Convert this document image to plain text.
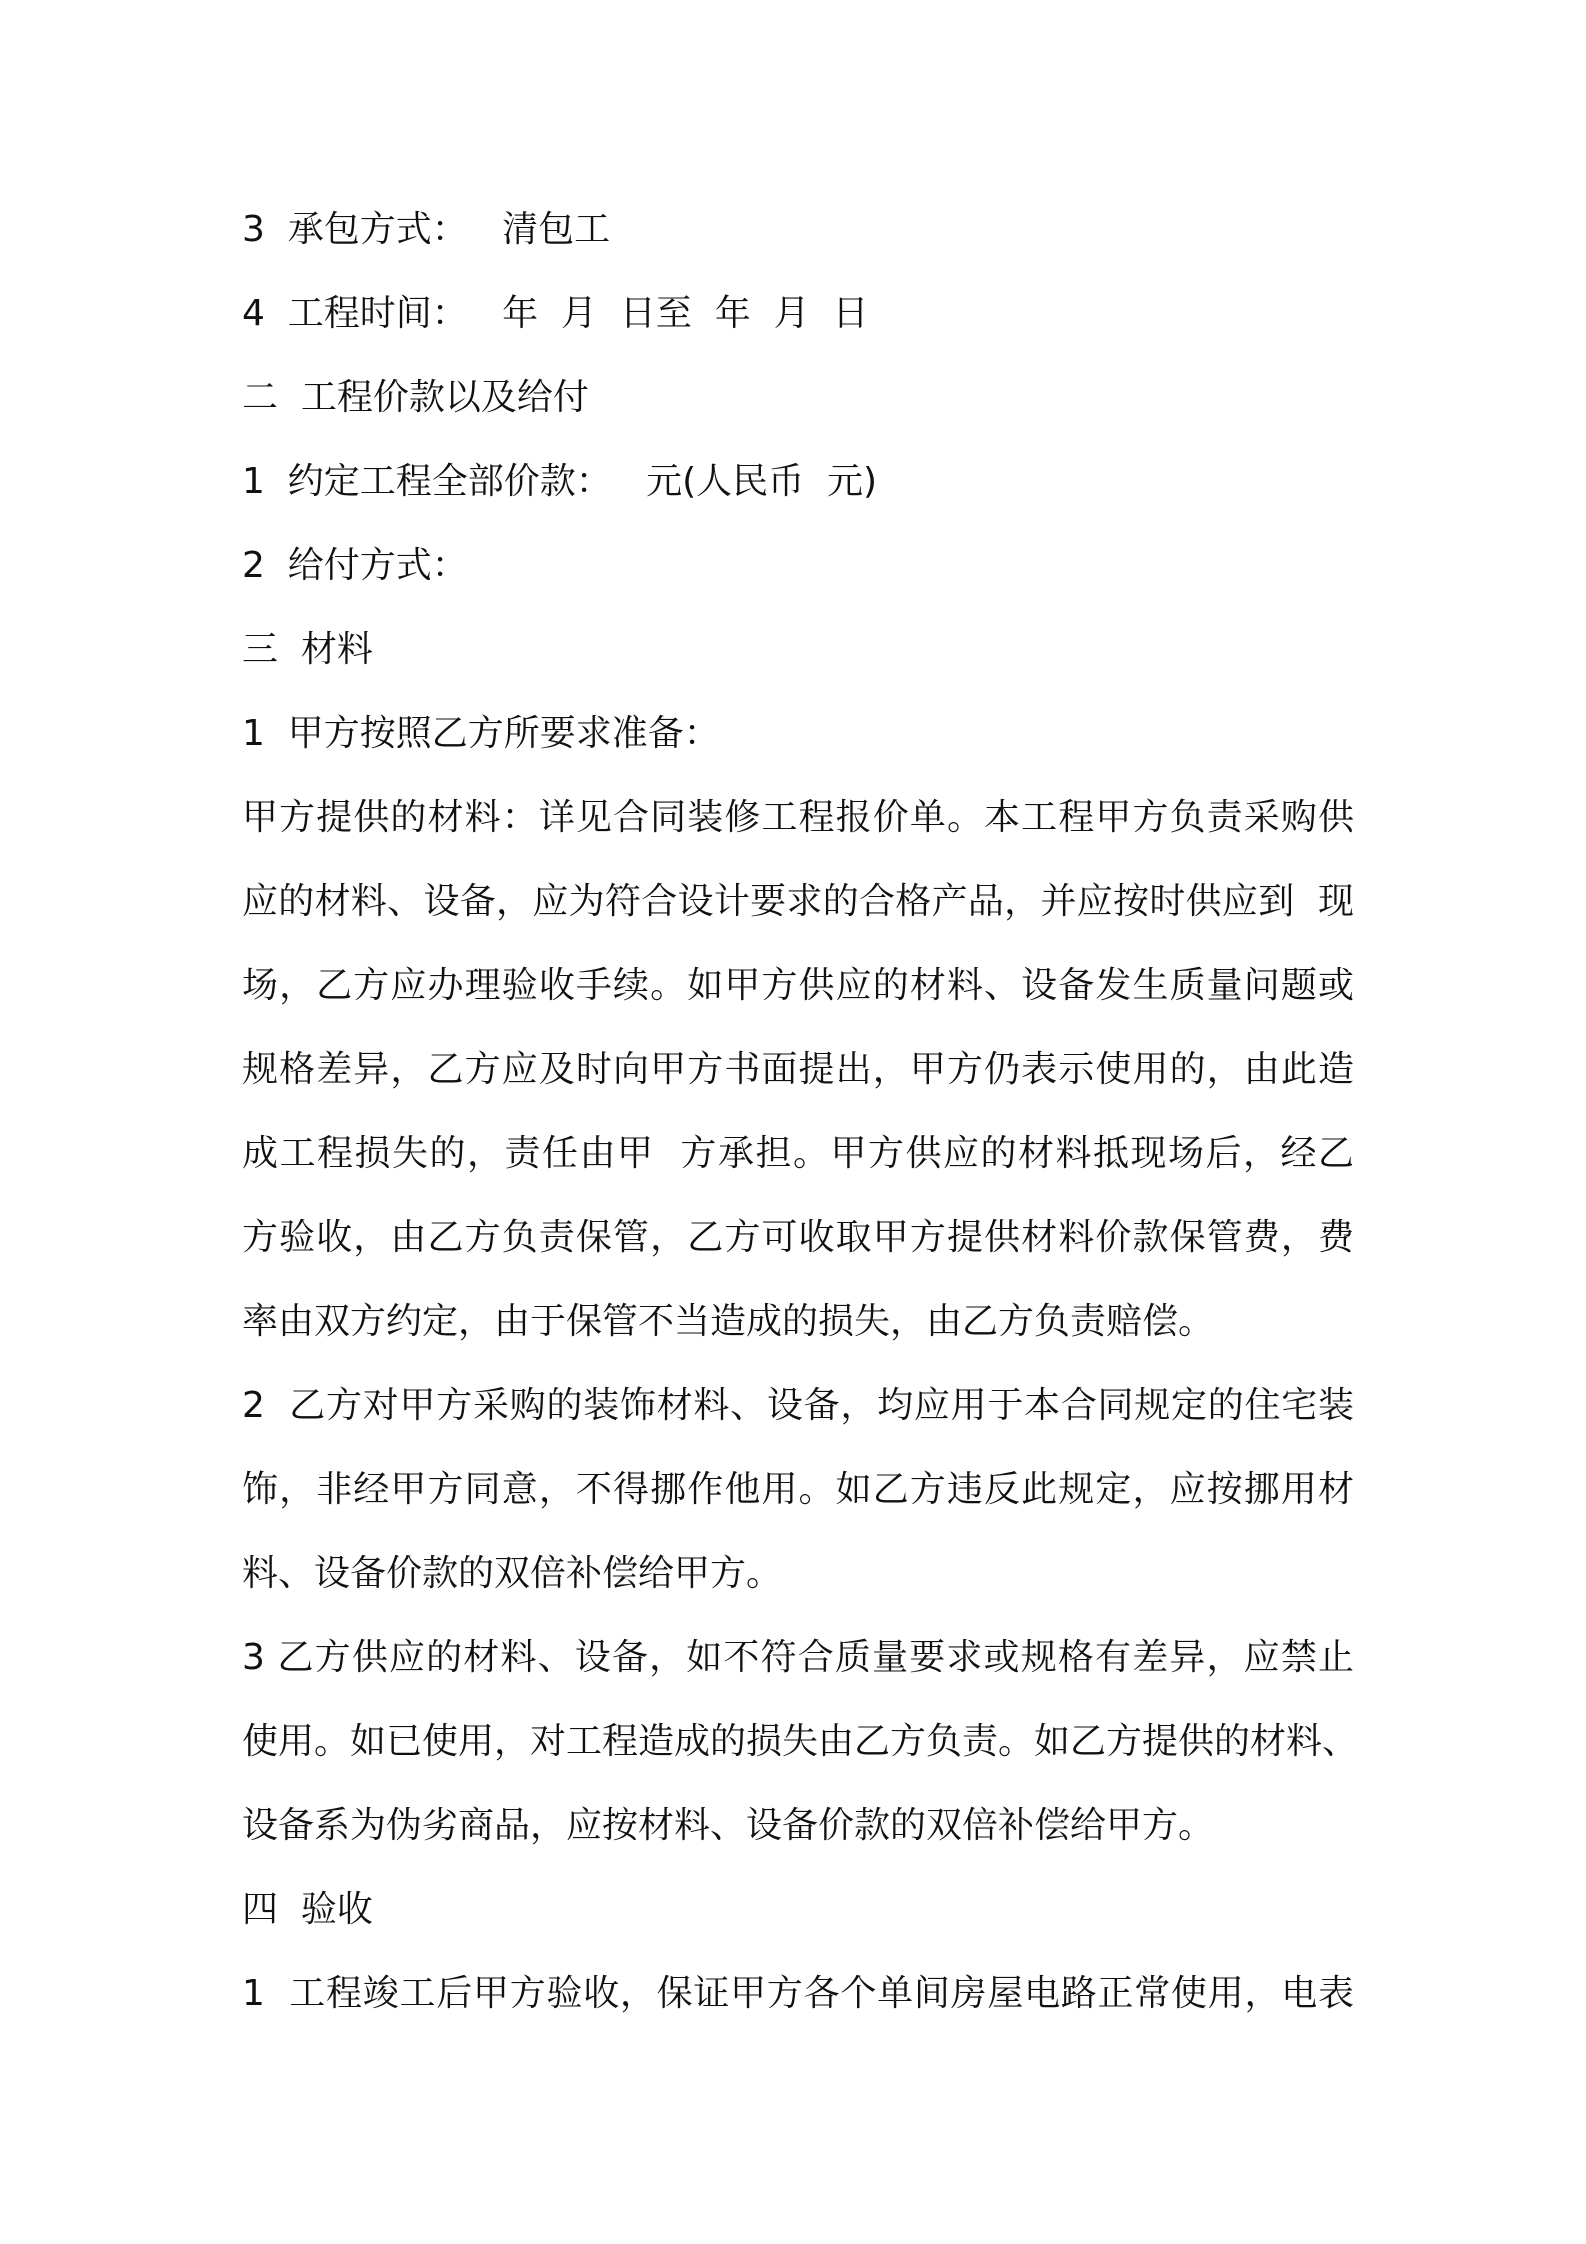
3  承包方式：   清包工
4  工程时间：   年  月  日至  年  月  日
二  工程价款以及给付
1  约定工程全部价款：   元(人民币  元)
2  给付方式：
三  材料
1  甲方按照乙方所要求准备：
甲方提供的材料：详见合同装修工程报价单。本工程甲方负责采购供
应的材料、设备，应为符合设计要求的合格产品，并应按时供应到  现
场，乙方应办理验收手续。如甲方供应的材料、设备发生质量问题或
规格差异，乙方应及时向甲方书面提出，甲方仍表示使用的，由此造
成工程损失的，责任由甲  方承担。甲方供应的材料抵现场后，经乙
方验收，由乙方负责保管，乙方可收取甲方提供材料价款保管费，费
率由双方约定，由于保管不当造成的损失，由乙方负责赔偿。
2  乙方对甲方采购的装饰材料、设备，均应用于本合同规定的住宅装
饰，非经甲方同意，不得挪作他用。如乙方违反此规定，应按挪用材
料、设备价款的双倍补偿给甲方。
3 乙方供应的材料、设备，如不符合质量要求或规格有差异，应禁止
使用。如已使用，对工程造成的损失由乙方负责。如乙方提供的材料、
设备系为伪劣商品，应按材料、设备价款的双倍补偿给甲方。
四  验收
1  工程竣工后甲方验收，保证甲方各个单间房屋电路正常使用，电表
